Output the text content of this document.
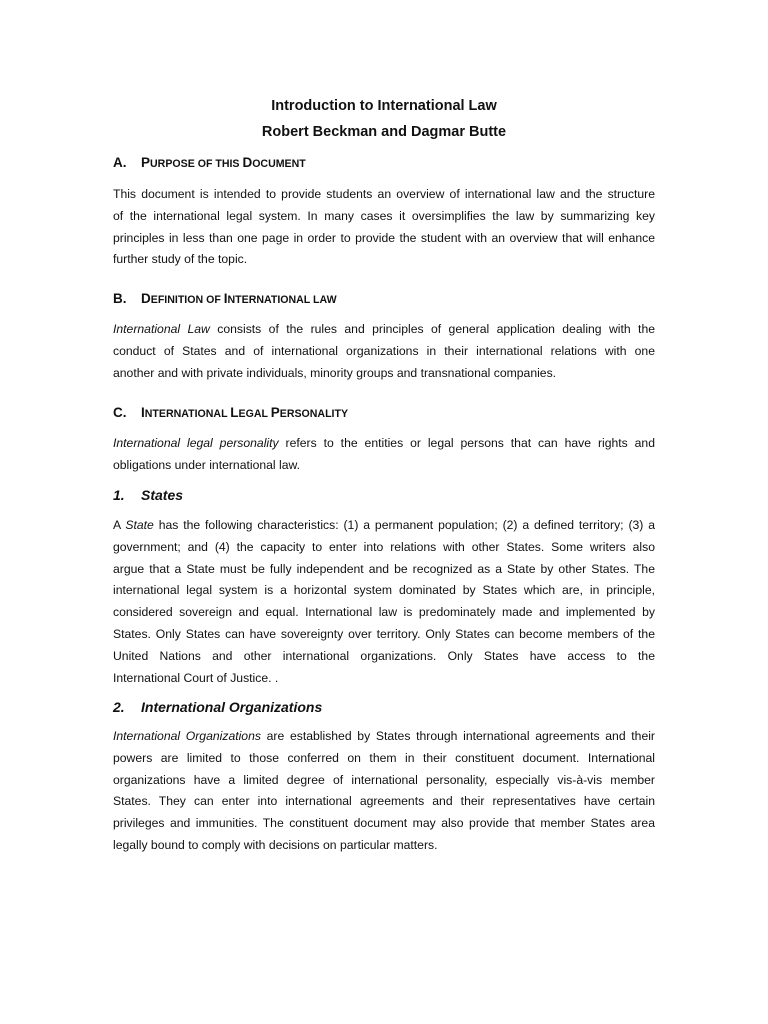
Introduction to International Law
Robert Beckman and Dagmar Butte
A. PURPOSE OF THIS DOCUMENT
This document is intended to provide students an overview of international law and the structure
of the international legal system. In many cases it oversimplifies the law by summarizing key
principles in less than one page in order to provide the student with an overview that will enhance
further study of the topic.
B. DEFINITION OF INTERNATIONAL LAW
International Law consists of the rules and principles of general application dealing with the
conduct of States and of international organizations in their international relations with one
another and with private individuals, minority groups and transnational companies.
C. INTERNATIONAL LEGAL PERSONALITY
International legal personality refers to the entities or legal persons that can have rights and
obligations under international law.
1. States
A State has the following characteristics: (1) a permanent population; (2) a defined territory; (3) a
government; and (4) the capacity to enter into relations with other States. Some writers also
argue that a State must be fully independent and be recognized as a State by other States. The
international legal system is a horizontal system dominated by States which are, in principle,
considered sovereign and equal. International law is predominately made and implemented by
States. Only States can have sovereignty over territory. Only States can become members of the
United Nations and other international organizations. Only States have access to the
International Court of Justice. .
2. International Organizations
International Organizations are established by States through international agreements and their
powers are limited to those conferred on them in their constituent document. International
organizations have a limited degree of international personality, especially vis-à-vis member
States. They can enter into international agreements and their representatives have certain
privileges and immunities. The constituent document may also provide that member States area
legally bound to comply with decisions on particular matters.
